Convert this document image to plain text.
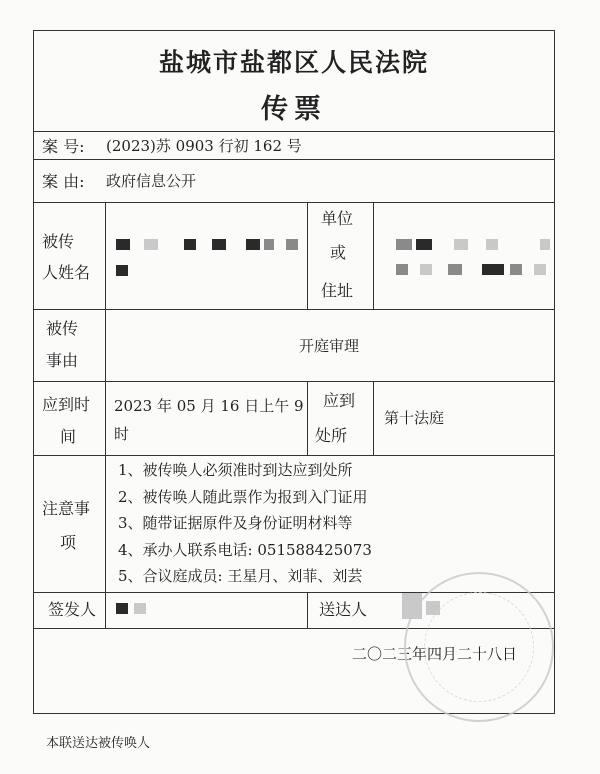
盐城市盐都区人民法院
传票
案 号: (2023)苏 0903 行初 162 号
案 由: 政府信息公开
被传
人姓名
单位
或
住址
被传
事由
开庭审理
应到时
间
2023 年 05 月 16 日上午 9
时
应到
处所
第十法庭
注意事
项
1、被传唤人必须准时到达应到处所
2、被传唤人随此票作为报到入门证用
3、随带证据原件及身份证明材料等
4、承办人联系电话: 051588425073
5、合议庭成员: 王星月、刘菲、刘芸
签发人	送达人
二〇二三年四月二十八日
本联送达被传唤人
